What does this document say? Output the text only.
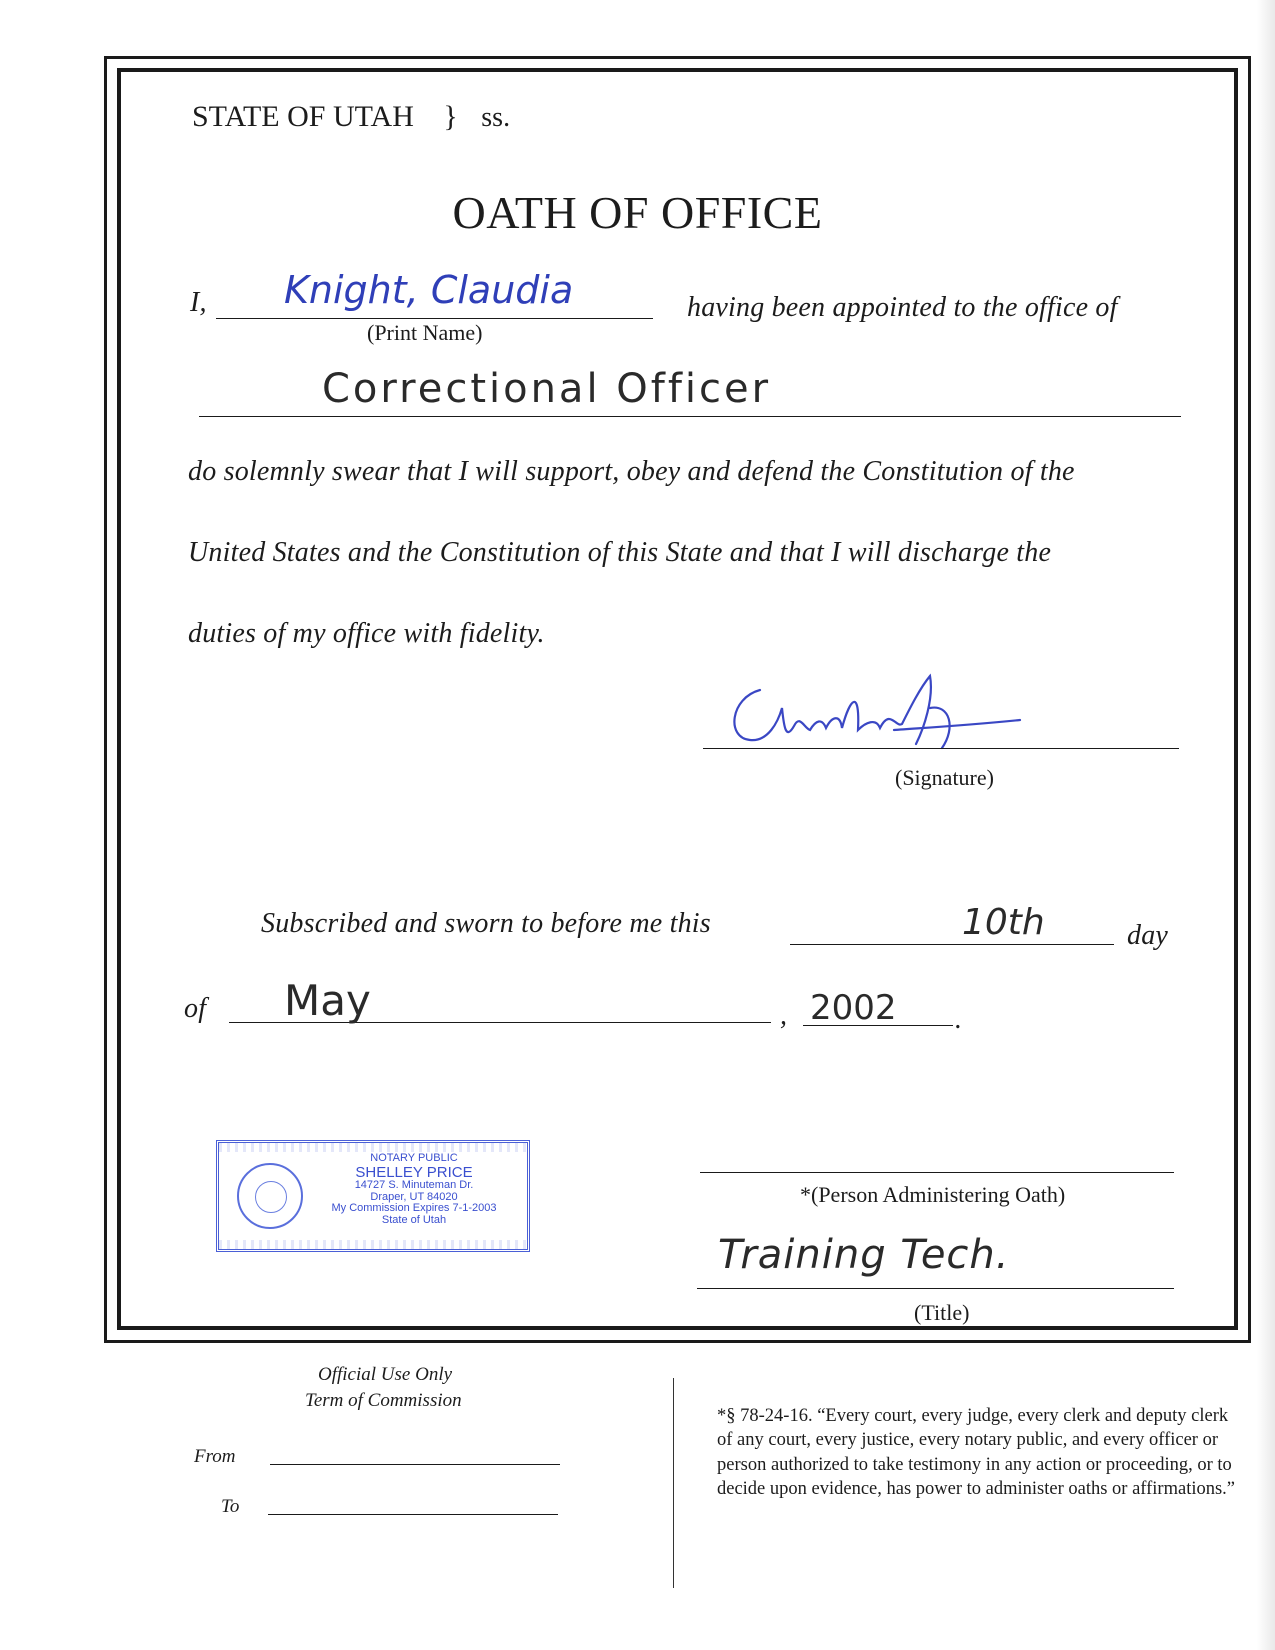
STATE OF UTAH } ss.
OATH OF OFFICE
I, Knight, Claudia
(Print Name)
having been appointed to the office of
Correctional Officer
do solemnly swear that I will support, obey and defend the Constitution of the
United States and the Constitution of this State and that I will discharge the
duties of my office with fidelity.
(Signature)
Subscribed and sworn to before me this	10th	day
of May	, 2002 .
NOTARY PUBLIC
SHELLEY PRICE
14727 S. Minuteman Dr.
Draper, UT 84020
My Commission Expires 7-1-2003
State of Utah
*(Person Administering Oath)
Training Tech.
(Title)
Official Use Only
Term of Commission
From
To
*§ 78-24-16. “Every court, every judge, every clerk and deputy clerk of any court, every justice, every notary public, and every officer or person authorized to take testimony in any action or proceeding, or to decide upon evidence, has power to administer oaths or affirmations.”
